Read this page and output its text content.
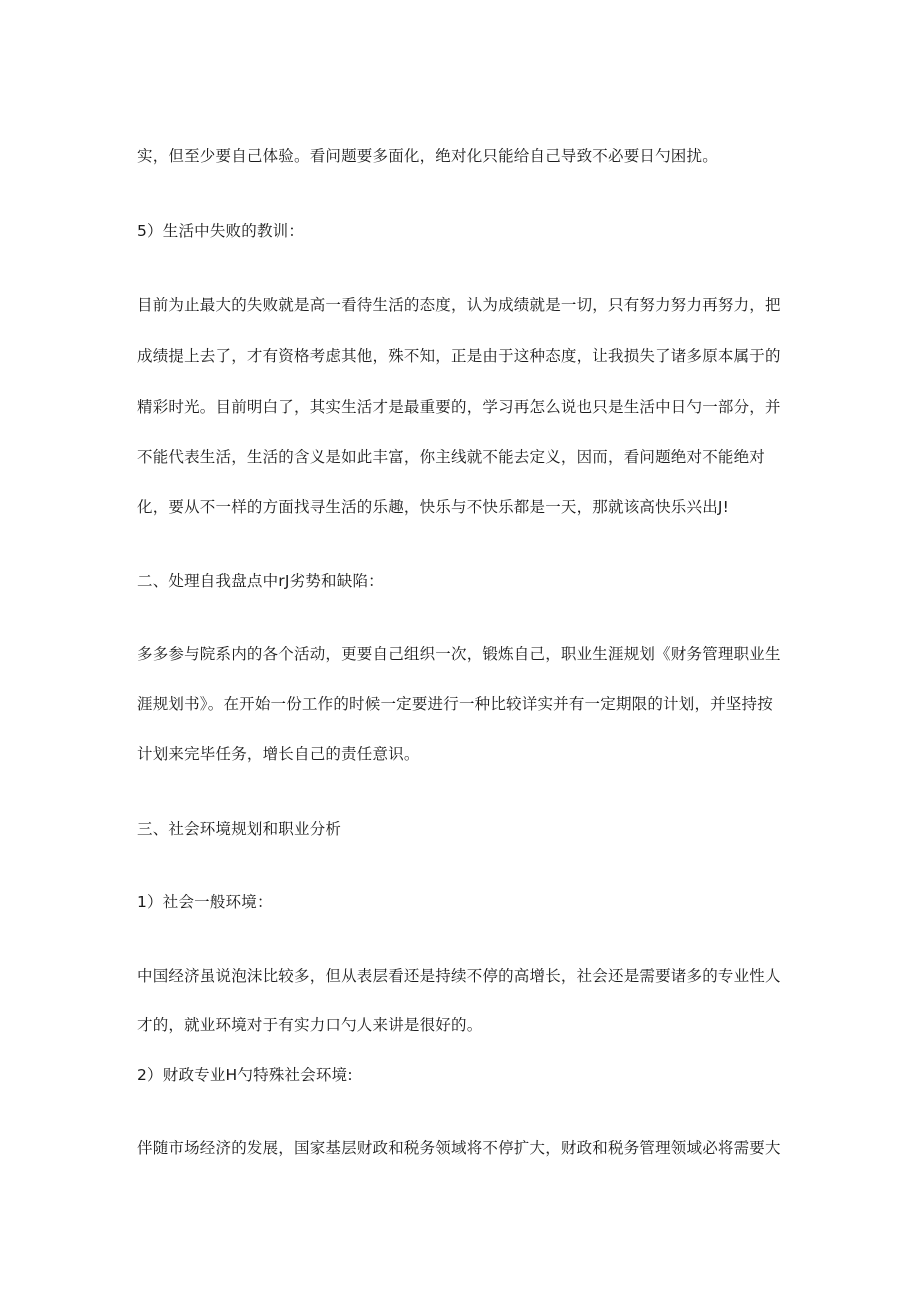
实，但至少要自己体验。看问题要多面化，绝对化只能给自己导致不必要日勺困扰。
5）生活中失败的教训：
目前为止最大的失败就是高一看待生活的态度，认为成绩就是一切，只有努力努力再努力，把
成绩提上去了，才有资格考虑其他，殊不知，正是由于这种态度，让我损失了诸多原本属于的
精彩时光。目前明白了，其实生活才是最重要的，学习再怎么说也只是生活中日勺一部分，并
不能代表生活，生活的含义是如此丰富，你主线就不能去定义，因而，看问题绝对不能绝对
化，要从不一样的方面找寻生活的乐趣，快乐与不快乐都是一天，那就该高快乐兴出J!
二、处理自我盘点中rJ劣势和缺陷：
多多参与院系内的各个活动，更要自己组织一次，锻炼自己，职业生涯规划《财务管理职业生
涯规划书》。在开始一份工作的时候一定要进行一种比较详实并有一定期限的计划，并坚持按
计划来完毕任务，增长自己的责任意识。
三、社会环境规划和职业分析
1）社会一般环境：
中国经济虽说泡沫比较多，但从表层看还是持续不停的高增长，社会还是需要诸多的专业性人
才的，就业环境对于有实力口勺人来讲是很好的。
2）财政专业H勺特殊社会环境:
伴随市场经济的发展，国家基层财政和税务领域将不停扩大，财政和税务管理领域必将需要大
